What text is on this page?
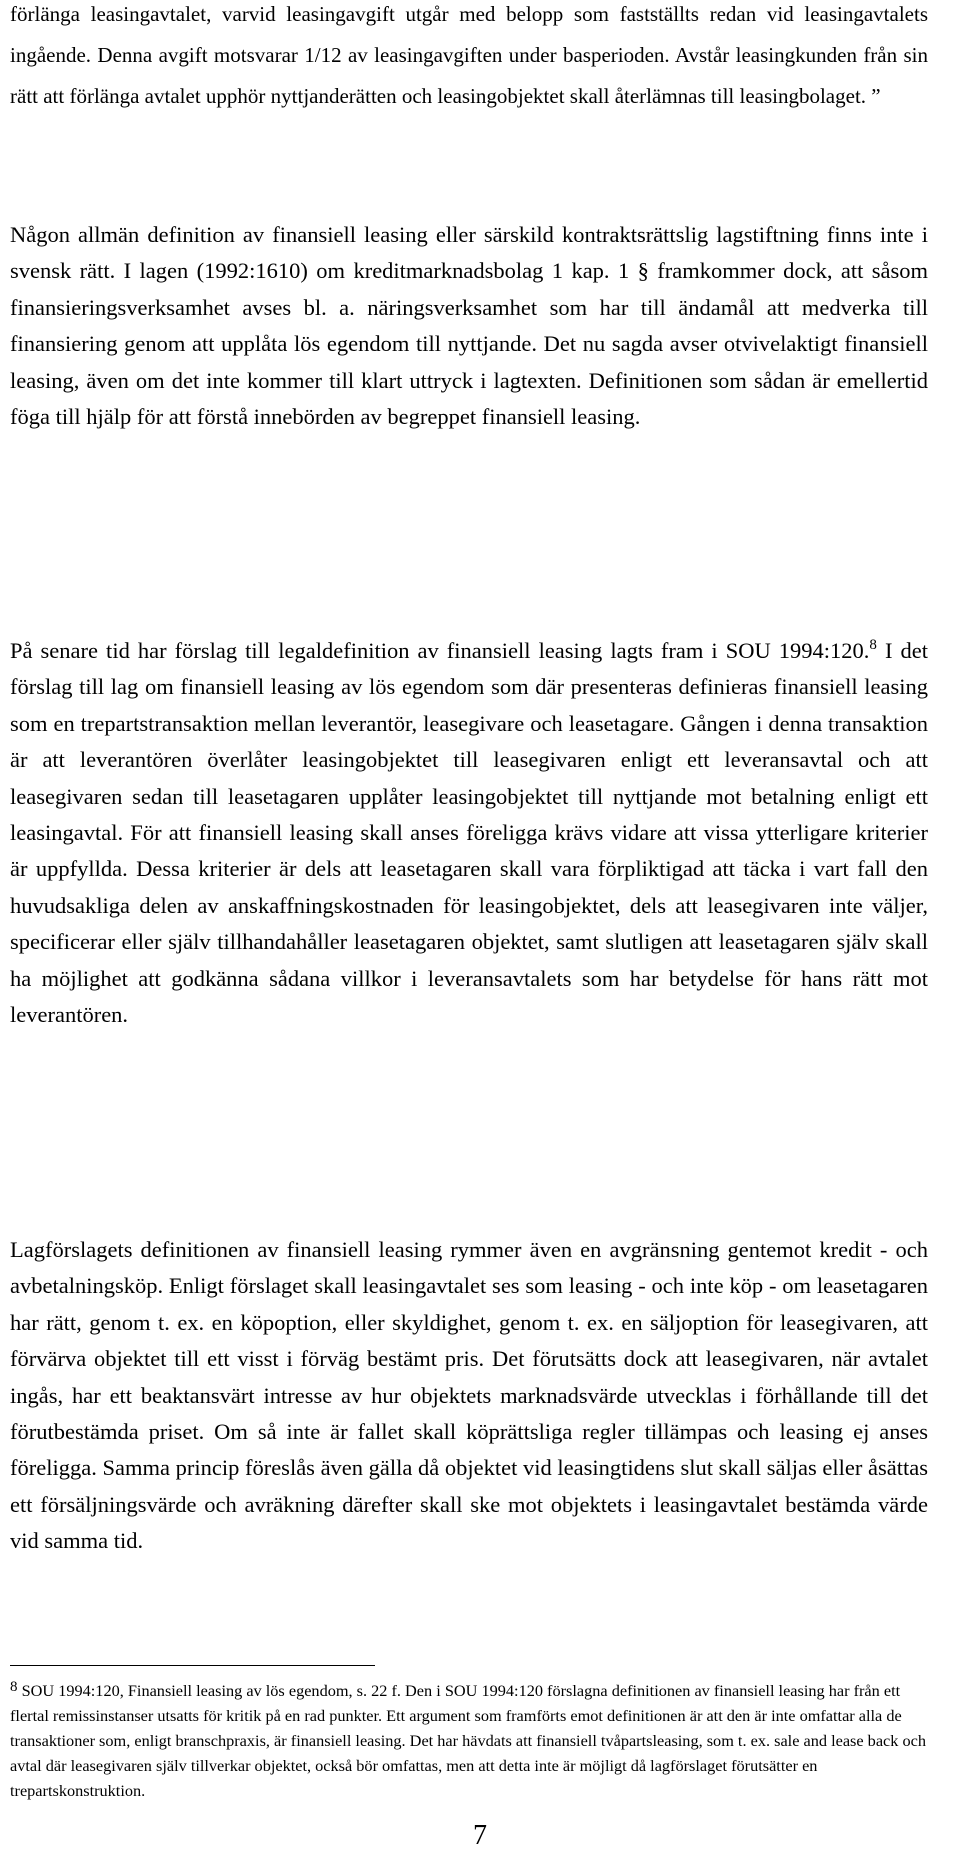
förlänga leasingavtalet, varvid leasingavgift utgår med belopp som fastställts redan vid leasingavtalets ingående. Denna avgift motsvarar 1/12 av leasingavgiften under basperioden. Avstår leasingkunden från sin rätt att förlänga avtalet upphör nyttjanderätten och leasingobjektet skall återlämnas till leasingbolaget. ”

Någon allmän definition av finansiell leasing eller särskild kontraktsrättslig lagstiftning finns inte i svensk rätt. I lagen (1992:1610) om kreditmarknadsbolag 1 kap. 1 § framkommer dock, att såsom finansieringsverksamhet avses bl. a. näringsverksamhet som har till ändamål att medverka till finansiering genom att upplåta lös egendom till nyttjande. Det nu sagda avser otvivelaktigt finansiell leasing, även om det inte kommer till klart uttryck i lagtexten. Definitionen som sådan är emellertid föga till hjälp för att förstå innebörden av begreppet finansiell leasing.

På senare tid har förslag till legaldefinition av finansiell leasing lagts fram i SOU 1994:120.$^8$ I det förslag till lag om finansiell leasing av lös egendom som där presenteras definieras finansiell leasing som en trepartstransaktion mellan leverantör, leasegivare och leasetagare. Gången i denna transaktion är att leverantören överlåter leasingobjektet till leasegivaren enligt ett leveransavtal och att leasegivaren sedan till leasetagaren upplåter leasingobjektet till nyttjande mot betalning enligt ett leasingavtal. För att finansiell leasing skall anses föreligga krävs vidare att vissa ytterligare kriterier är uppfyllda. Dessa kriterier är dels att leasetagaren skall vara förpliktigad att täcka i vart fall den huvudsakliga delen av anskaffningskostnaden för leasingobjektet, dels att leasegivaren inte väljer, specificerar eller själv tillhandahåller leasetagaren objektet, samt slutligen att leasetagaren själv skall ha möjlighet att godkänna sådana villkor i leveransavtalets som har betydelse för hans rätt mot leverantören.

Lagförslagets definitionen av finansiell leasing rymmer även en avgränsning gentemot kredit - och avbetalningsköp. Enligt förslaget skall leasingavtalet ses som leasing - och inte köp - om leasetagaren har rätt, genom t. ex. en köpoption, eller skyldighet, genom t. ex. en säljoption för leasegivaren, att förvärva objektet till ett visst i förväg bestämt pris. Det förutsätts dock att leasegivaren, när avtalet ingås, har ett beaktansvärt intresse av hur objektets marknadsvärde utvecklas i förhållande till det förutbestämda priset. Om så inte är fallet skall köprättsliga regler tillämpas och leasing ej anses föreligga. Samma princip föreslås även gälla då objektet vid leasingtidens slut skall säljas eller åsättas ett försäljningsvärde och avräkning därefter skall ske mot objektets i leasingavtalet bestämda värde vid samma tid.

$^8$ SOU 1994:120, Finansiell leasing av lös egendom, s. 22 f. Den i SOU 1994:120 förslagna definitionen av finansiell leasing har från ett flertal remissinstanser utsatts för kritik på en rad punkter. Ett argument som framförts emot definitionen är att den är inte omfattar alla de transaktioner som, enligt branschpraxis, är finansiell leasing. Det har hävdats att finansiell tvåpartsleasing, som t. ex. sale and lease back och avtal där leasegivaren själv tillverkar objektet, också bör omfattas, men att detta inte är möjligt då lagförslaget förutsätter en trepartskonstruktion.

7
